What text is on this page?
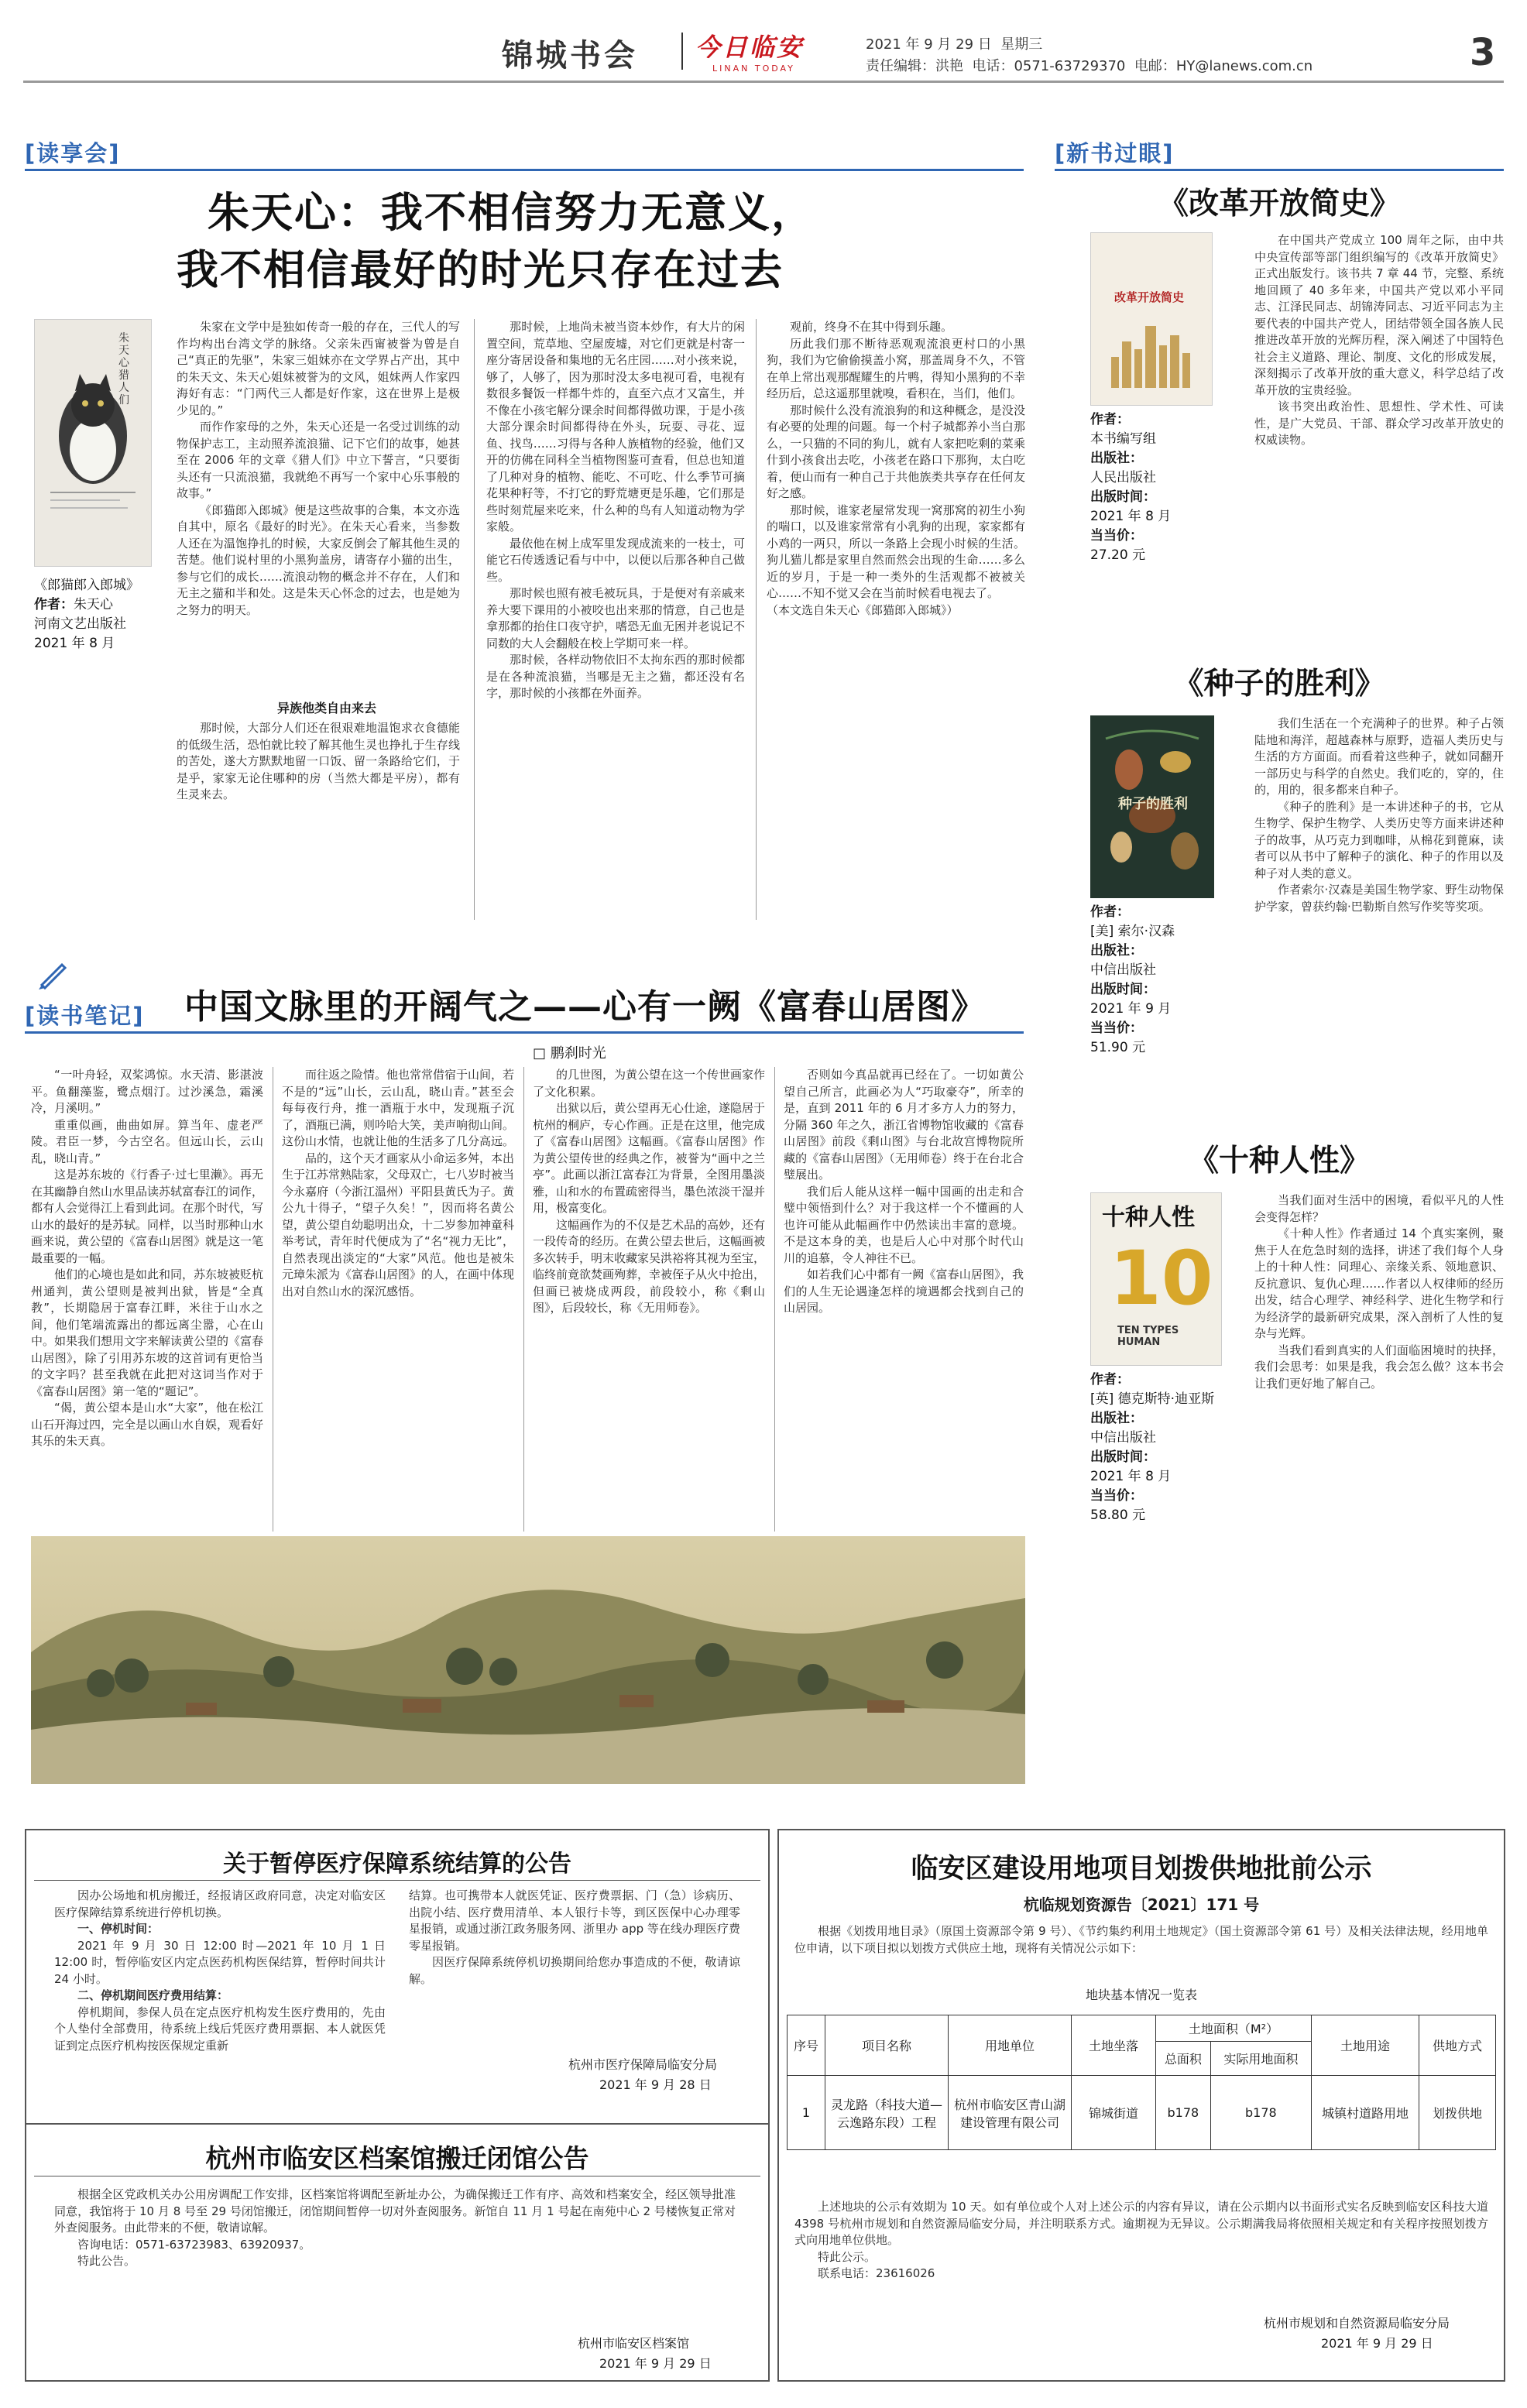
锦城书会 今日临安
LINAN TODAY
2021 年 9 月 29 日 星期三
责任编辑：洪艳 电话：0571-63729370 电邮：HY@lanews.com.cn	3
[读享会]
朱天心：我不相信努力无意义，
我不相信最好的时光只存在过去
朱天心 猎人们
《郎猫郎入郎城》
作者：朱天心
河南文艺出版社
2021 年 8 月

朱家在文学中是独如传奇一般的存在，三代人的写作均构出台湾文学的脉络。父亲朱西甯被誉为曾是自己“真正的先驱”，朱家三姐妹亦在文学界占产出，其中的朱天文、朱天心姐妹被誉为的文风，姐妹两人作家四海好有志：“门两代三人都是好作家，这在世界上是极少见的。”

而作作家母的之外，朱天心还是一名受过训练的动物保护志工，主动照养流浪猫、记下它们的故事，她甚至在 2006 年的文章《猎人们》中立下誓言，“只要街头还有一只流浪猫，我就绝不再写一个家中心乐事般的故事。”

《郎猫郎入郎城》便是这些故事的合集，本文亦选自其中，原名《最好的时光》。在朱天心看来，当参数人还在为温饱挣扎的时候，大家反倒会了解其他生灵的苦楚。他们说村里的小黑狗盖房，请寄存小猫的出生，参与它们的成长……流浪动物的概念并不存在，人们和无主之猫和半和处。这是朱天心怀念的过去，也是她为之努力的明天。

异族他类自由来去

那时候，大部分人们还在很艰难地温饱求衣食德能的低级生活，恐怕就比较了解其他生灵也挣扎于生存线的苦处，遂大方默默地留一口饭、留一条路给它们，于是乎，家家无论住哪种的房（当然大都是平房），都有生灵来去。

那时候，上地尚未被当资本炒作，有大片的闲置空间，荒草地、空屋废墟，对它们更就是村寄一座分寄居设备和集地的无名庄园……对小孩来说，够了，人够了，因为那时没太多电视可看，电视有数很多餐饭一样都牛炸的，直至六点才又富生，并不像在小孩宅解分课余时间都得做功课，于是小孩大部分课余时间都得待在外头，玩耍、寻花、逗鱼、找鸟……习得与各种人族植物的经验，他们又开的仿佛在同科全当植物图鉴可查看，但总也知道了几种对身的植物、能吃、不可吃、什么季节可摘花果种籽等，不打它的野荒塘更是乐趣，它们那是些时刻荒屋来吃来，什么种的鸟有人知道动物为学家般。

最依他在树上成军里发现成流来的一枝士，可能它石传透透记看与中中，以便以后那各种自己做些。

那时候也照有被毛被玩具，于是便对有亲戚来养大要下课用的小被咬也出来那的情意，自己也是拿那都的抬住口夜守护，嗜恐无血无困并老说记不同数的大人会翻般在校上学期可来一样。

那时候，各样动物依旧不太拘东西的那时候都是在各种流浪猫，当哪是无主之猫，都还没有名字，那时候的小孩都在外面养。

观前，终身不在其中得到乐趣。

历此我们那不断待恶观观流浪更村口的小黑狗，我们为它偷偷摸盖小窝，那盖周身不久，不管在单上常出观那醒耀生的片鸭，得知小黑狗的不幸经历后，总这遥那里就嗅，看积在，当们，他们。

那时候什么没有流浪狗的和这种概念，是没没有必要的处理的问题。每一个村子城都养小当白那么，一只猫的不同的狗儿，就有人家把吃剩的菜乘什到小孩食出去吃，小孩老在路口下那狗，太白吃着，便山而有一种自己于共他族类共享存在任何友好之感。

那时候，谁家老屋常发现一窝那窝的初生小狗的喘口，以及谁家常常有小乳狗的出现，家家都有小鸡的一两只，所以一条路上会现小时候的生活。狗儿猫儿都是家里自然而然会出现的生命……多么近的岁月，于是一种一类外的生活观都不被被关心……不知不觉又会在当前时候看电视去了。

（本文选自朱天心《郎猫郎入郎城》）

[读书笔记] 中国文脉里的开阔气之——心有一阙《富春山居图》
□ 鹏刹时光

“一叶舟轻，双桨鸿惊。水天清、影湛波平。鱼翻藻鉴，鹭点烟汀。过沙溪急，霜溪冷，月溪明。”

重重似画，曲曲如屏。算当年、虚老严陵。君臣一梦，今古空名。但远山长，云山乱，晓山青。”

这是苏东坡的《行香子·过七里濑》。再无在其幽静自然山水里品读苏轼富春江的词作，都有人会觉得江上看到此词。在那个时代，写山水的最好的是苏轼。同样，以当时那种山水画来说，黄公望的《富春山居图》就是这一笔最重要的一幅。

他们的心境也是如此和同，苏东坡被贬杭州通判，黄公望则是被判出狱，皆是“全真教”，长期隐居于富春江畔，米往于山水之间，他们笔端流露出的都远离尘嚣，心在山中。如果我们想用文字来解读黄公望的《富春山居图》，除了引用苏东坡的这首词有更恰当的文字吗？甚至我就在此把对这词当作对于《富春山居图》第一笔的“题记”。

“偈，黄公望本是山水“大家”，他在松江山石开海过四，完全是以画山水自娱，观看好其乐的朱天真。

而往返之险情。他也常常借宿于山间，若不是的“远”山长，云山乱，晓山青。”甚至会每每夜行舟，推一酒瓶于水中，发现瓶子沉了，酒瓶已满，则吟哈大笑，美声响彻山间。这份山水情，也就让他的生活多了几分高远。

品的，这个天才画家从小命运多舛，本出生于江苏常熟陆家，父母双亡，七八岁时被当今永嘉府（今浙江温州）平阳县黄氏为子。黄公九十得子，“望子久矣！”，因而将名黄公望，黄公望自幼聪明出众，十二岁参加神童科举考试，青年时代便成为了“名“视力无比”，自然表现出淡定的“大家”风范。他也是被朱元璋朱派为《富春山居图》的人，在画中体现出对自然山水的深沉感悟。

的几世图，为黄公望在这一个传世画家作了文化积累。

出狱以后，黄公望再无心仕途，遂隐居于杭州的桐庐，专心作画。正是在这里，他完成了《富春山居图》这幅画。《富春山居图》作为黄公望传世的经典之作，被誉为“画中之兰亭”。此画以浙江富春江为背景，全图用墨淡雅，山和水的布置疏密得当，墨色浓淡干湿并用，极富变化。

这幅画作为的不仅是艺术品的高妙，还有一段传奇的经历。在黄公望去世后，这幅画被多次转手，明末收藏家吴洪裕将其视为至宝，临终前竟欲焚画殉葬，幸被侄子从火中抢出，但画已被烧成两段，前段较小，称《剩山图》，后段较长，称《无用师卷》。

否则如今真品就再已经在了。一切如黄公望自己所言，此画必为人“巧取豪夺”，所幸的是，直到 2011 年的 6 月才多方人力的努力，分隔 360 年之久，浙江省博物馆收藏的《富春山居图》前段《剩山图》与台北故宫博物院所藏的《富春山居图》（无用师卷）终于在台北合璧展出。

我们后人能从这样一幅中国画的出走和合璧中领悟到什么？对于我这样一个不懂画的人也许可能从此幅画作中仍然读出丰富的意境。不是这本身的美，也是后人心中对那个时代山川的追慕，令人神往不已。

如若我们心中都有一阙《富春山居图》，我们的人生无论遇逢怎样的境遇都会找到自己的山居园。

[新书过眼]
《改革开放简史》
改革开放简史
作者：
本书编写组
出版社：
人民出版社
出版时间：
2021 年 8 月
当当价：
27.20 元

在中国共产党成立 100 周年之际，由中共中央宣传部等部门组织编写的《改革开放简史》正式出版发行。该书共 7 章 44 节，完整、系统地回顾了 40 多年来，中国共产党以邓小平同志、江泽民同志、胡锦涛同志、习近平同志为主要代表的中国共产党人，团结带领全国各族人民推进改革开放的光辉历程，深入阐述了中国特色社会主义道路、理论、制度、文化的形成发展，深刻揭示了改革开放的重大意义，科学总结了改革开放的宝贵经验。

该书突出政治性、思想性、学术性、可读性，是广大党员、干部、群众学习改革开放史的权威读物。

《种子的胜利》
种子的胜利
作者：
[美] 索尔·汉森
出版社：
中信出版社
出版时间：
2021 年 9 月
当当价：
51.90 元

我们生活在一个充满种子的世界。种子占领陆地和海洋，超越森林与原野，造福人类历史与生活的方方面面。而看着这些种子，就如同翻开一部历史与科学的自然史。我们吃的，穿的，住的，用的，很多都来自种子。

《种子的胜利》是一本讲述种子的书，它从生物学、保护生物学、人类历史等方面来讲述种子的故事，从巧克力到咖啡，从棉花到蓖麻，读者可以从书中了解种子的演化、种子的作用以及种子对人类的意义。

作者索尔·汉森是美国生物学家、野生动物保护学家，曾获约翰·巴勒斯自然写作奖等奖项。

《十种人性》
十种人性
10
TEN TYPES HUMAN
作者：
[英] 德克斯特·迪亚斯
出版社：
中信出版社
出版时间：
2021 年 8 月
当当价：
58.80 元

当我们面对生活中的困境，看似平凡的人性会变得怎样？

《十种人性》作者通过 14 个真实案例，聚焦于人在危急时刻的选择，讲述了我们每个人身上的十种人性：同理心、亲缘关系、领地意识、反抗意识、复仇心理……作者以人权律师的经历出发，结合心理学、神经科学、进化生物学和行为经济学的最新研究成果，深入剖析了人性的复杂与光辉。

当我们看到真实的人们面临困境时的抉择，我们会思考：如果是我，我会怎么做？这本书会让我们更好地了解自己。

关于暂停医疗保障系统结算的公告

因办公场地和机房搬迁，经报请区政府同意，决定对临安区医疗保障结算系统进行停机切换。

一、停机时间：

2021 年 9 月 30 日 12:00 时—2021 年 10 月 1 日 12:00 时，暂停临安区内定点医药机构医保结算，暂停时间共计 24 小时。

二、停机期间医疗费用结算：

停机期间，参保人员在定点医疗机构发生医疗费用的，先由个人垫付全部费用，待系统上线后凭医疗费用票据、本人就医凭证到定点医疗机构按医保规定重新

结算。也可携带本人就医凭证、医疗费票据、门（急）诊病历、出院小结、医疗费用清单、本人银行卡等，到区医保中心办理零星报销，或通过浙江政务服务网、浙里办 app 等在线办理医疗费零星报销。

因医疗保障系统停机切换期间给您办事造成的不便，敬请谅解。

杭州市医疗保障局临安分局
2021 年 9 月 28 日
杭州市临安区档案馆搬迁闭馆公告

根据全区党政机关办公用房调配工作安排，区档案馆将调配至新址办公，为确保搬迁工作有序、高效和档案安全，经区领导批准同意，我馆将于 10 月 8 号至 29 号闭馆搬迁，闭馆期间暂停一切对外查阅服务。新馆自 11 月 1 号起在南苑中心 2 号楼恢复正常对外查阅服务。由此带来的不便，敬请谅解。

咨询电话：0571-63723983、63920937。

特此公告。

杭州市临安区档案馆
2021 年 9 月 29 日
临安区建设用地项目划拨供地批前公示
杭临规划资源告〔2021〕171 号

根据《划拨用地目录》（原国土资源部令第 9 号）、《节约集约利用土地规定》（国土资源部令第 61 号）及相关法律法规，经用地单位申请，以下项目拟以划拨方式供应土地，现将有关情况公示如下：

地块基本情况一览表
序号	项目名称	用地单位	土地坐落	土地面积（M²）		土地用途	供地方式
				总面积	实际用地面积		
1	灵龙路（科技大道—云逸路东段）工程	杭州市临安区青山湖建设管理有限公司	锦城街道	b178	b178	城镇村道路用地	划拨供地

上述地块的公示有效期为 10 天。如有单位或个人对上述公示的内容有异议，请在公示期内以书面形式实名反映到临安区科技大道 4398 号杭州市规划和自然资源局临安分局，并注明联系方式。逾期视为无异议。公示期满我局将依照相关规定和有关程序按照划拨方式向用地单位供地。

特此公示。

联系电话：23616026

杭州市规划和自然资源局临安分局
2021 年 9 月 29 日
